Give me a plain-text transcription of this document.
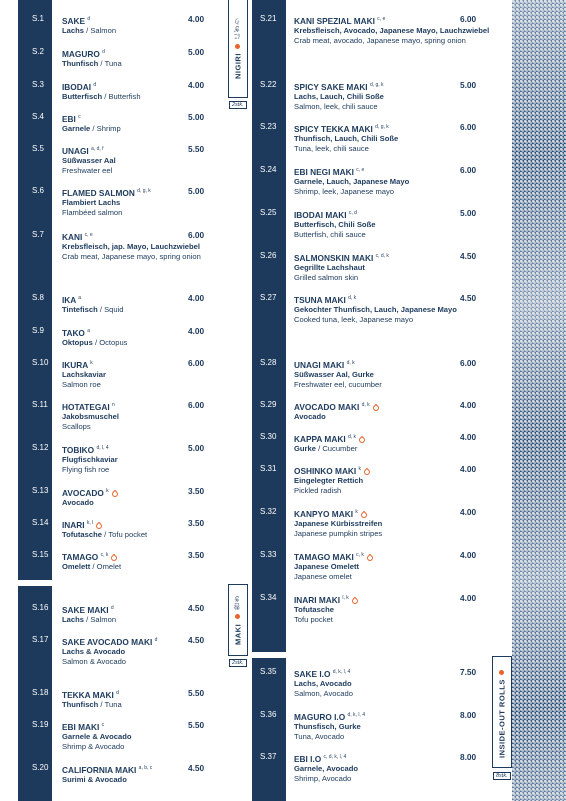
S.1 SAKE $^d$
Lachs / Salmon
4.00
S.2 MAGURO $^d$
Thunfisch / Tuna
5.00
S.3 IBODAI $^d$
Butterfisch / Butterfish
4.00
S.4 EBI $^c$
Garnele / Shrimp
5.00
S.5 UNAGI $^{a, d, f}$
Süßwasser Aal
Freshwater eel
5.50
S.6 FLAMED SALMON $^{d, g, k}$
Flambiert Lachs
Flambéed salmon
5.00
S.7 KANI $^{c, e}$
Krebsfleisch, jap. Mayo, Lauchzwiebel
Crab meat, Japanese mayo, spring onion
6.00
S.8 IKA $^a$
Tintefisch / Squid
4.00
S.9 TAKO $^a$
Oktopus / Octopus
4.00
S.10 IKURA $^k$
Lachskaviar
Salmon roe
6.00
S.11 HOTATEGAI $^n$
Jakobsmuschel
Scallops
6.00
S.12 TOBIKO $^{d, l, 4}$
Flugfischkaviar
Flying fish roe
5.00
S.13 AVOCADO $^k$
Avocado
3.50
S.14 INARI $^{k, l}$
Tofutasche / Tofu pocket
3.50
S.15 TAMAGO $^{c, k}$
Omelett / Omelet
3.50
S.16 SAKE MAKI $^d$
Lachs / Salmon
4.50
S.17 SAKE AVOCADO MAKI $^d$
Lachs & Avocado
Salmon & Avocado
4.50
S.18 TEKKA MAKI $^d$
Thunfisch / Tuna
5.50
S.19 EBI MAKI $^c$
Garnele & Avocado
Shrimp & Avocado
5.50
S.20 CALIFORNIA MAKI $^{a, b, c}$
Surimi & Avocado
4.50
S.21 KANI SPEZIAL MAKI $^{c, e}$
Krebsfleisch, Avocado, Japanese Mayo, Lauchzwiebel
Crab meat, avocado, Japanese mayo, spring onion
6.00
S.22 SPICY SAKE MAKI $^{d, g, k}$
Lachs, Lauch, Chili Soße
Salmon, leek, chili sauce
5.00
S.23 SPICY TEKKA MAKI $^{d, g, k}$
Thunfisch, Lauch, Chili Soße
Tuna, leek, chili sauce
6.00
S.24 EBI NEGI MAKI $^{c, e}$
Garnele, Lauch, Japanese Mayo
Shrimp, leek, Japanese mayo
6.00
S.25 IBODAI MAKI $^{c, d}$
Butterfisch, Chili Soße
Butterfish, chili sauce
5.00
S.26 SALMONSKIN MAKI $^{c, d, k}$
Gegrillte Lachshaut
Grilled salmon skin
4.50
S.27 TSUNA MAKI $^{d, k}$
Gekochter Thunfisch, Lauch, Japanese Mayo
Cooked tuna, leek, Japanese mayo
4.50
S.28 UNAGI MAKI $^{d, k}$
Süßwasser Aal, Gurke
Freshwater eel, cucumber
6.00
S.29 AVOCADO MAKI $^{d, k}$
Avocado
4.00
S.30 KAPPA MAKI $^{d, k}$
Gurke / Cucumber
4.00
S.31 OSHINKO MAKI $^k$
Eingelegter Rettich
Pickled radish
4.00
S.32 KANPYO MAKI $^k$
Japanese Kürbisstreifen
Japanese pumpkin stripes
4.00
S.33 TAMAGO MAKI $^{c, k}$
Japanese Omelett
Japanese omelet
4.00
S.34 INARI MAKI $^{l, k}$
Tofutasche
Tofu pocket
4.00
S.35 SAKE I.O $^{d, k, l, 4}$
Lachs, Avocado
Salmon, Avocado
7.50
S.36 MAGURO I.O $^{d, k, l, 4}$
Thunsfisch, Gurke
Tuna, Avocado
8.00
S.37 EBI I.O $^{c, d, k, l, 4}$
Garnele, Avocado
Shrimp, Avocado
8.00
NIGIRI
にぎり
2stk.
MAKI
巻き
2stk.
INSIDE-OUT ROLLS
8stk.
